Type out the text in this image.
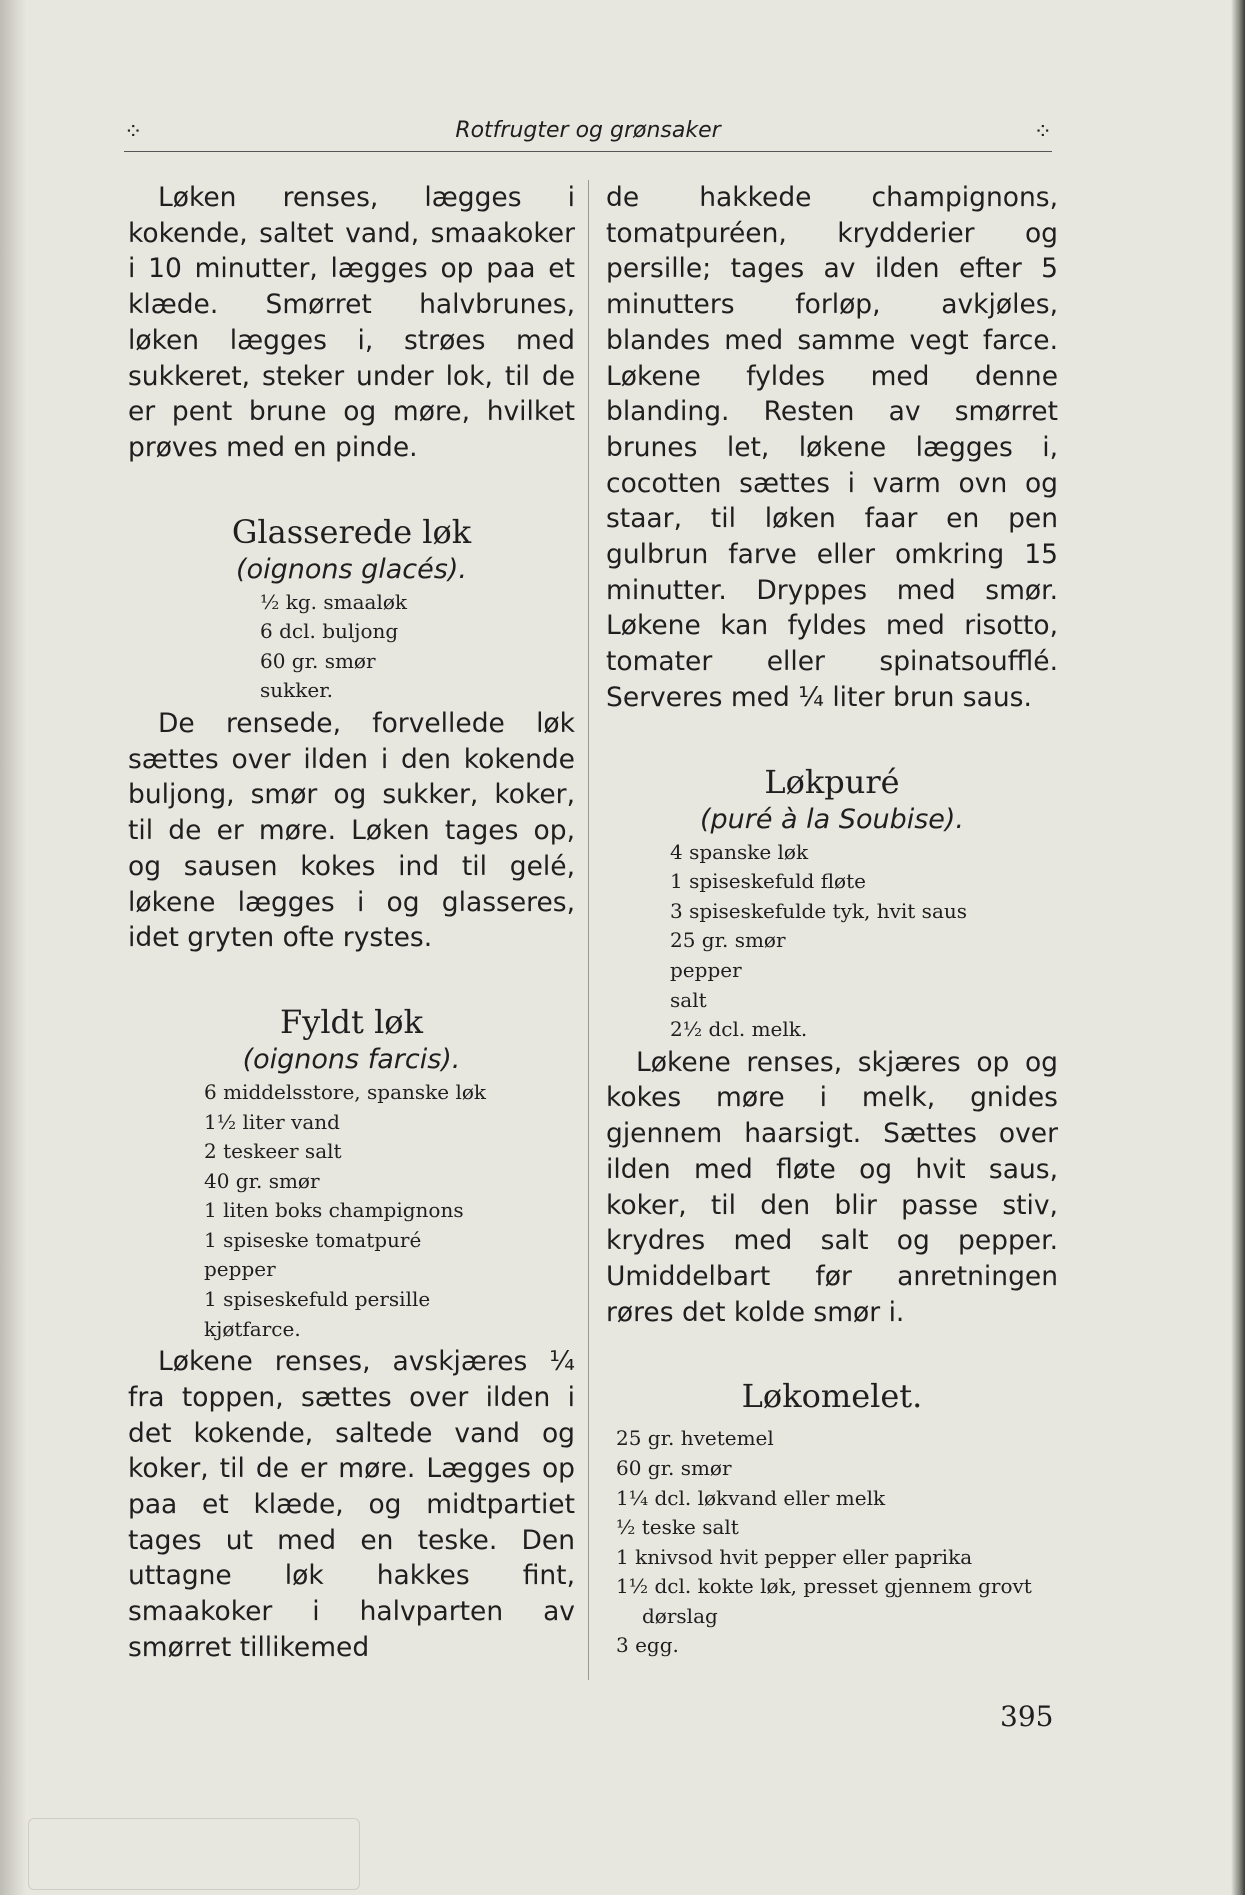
⁘	Rotfrugter og grønsaker	⁘

Løken renses, lægges i kokende, saltet vand, smaakoker i 10 minutter, lægges op paa et klæde. Smørret halvbrunes, løken lægges i, strøes med sukkeret, steker under lok, til de er pent brune og møre, hvilket prøves med en pinde.

Glasserede løk

(oignons glacés).

½ kg. smaaløk
6 dcl. buljong
60 gr. smør
sukker.

De rensede, forvellede løk sættes over ilden i den kokende buljong, smør og sukker, koker, til de er møre. Løken tages op, og sausen kokes ind til gelé, løkene lægges i og glasseres, idet gryten ofte rystes.

Fyldt løk

(oignons farcis).

6 middelsstore, spanske løk
1½ liter vand
2 teskeer salt
40 gr. smør
1 liten boks champignons
1 spiseske tomatpuré
pepper
1 spiseskefuld persille
kjøtfarce.

Løkene renses, avskjæres ¼ fra toppen, sættes over ilden i det kokende, saltede vand og koker, til de er møre. Lægges op paa et klæde, og midtpartiet tages ut med en teske. Den uttagne løk hakkes fint, smaakoker i halvparten av smørret tillikemed

de hakkede champignons, tomatpuréen, krydderier og persille; tages av ilden efter 5 minutters forløp, avkjøles, blandes med samme vegt farce. Løkene fyldes med denne blanding. Resten av smørret brunes let, løkene lægges i, cocotten sættes i varm ovn og staar, til løken faar en pen gulbrun farve eller omkring 15 minutter. Dryppes med smør. Løkene kan fyldes med risotto, tomater eller spinatsoufflé. Serveres med ¼ liter brun saus.

Løkpuré

(puré à la Soubise).

4 spanske løk
1 spiseskefuld fløte
3 spiseskefulde tyk, hvit saus
25 gr. smør
pepper
salt
2½ dcl. melk.

Løkene renses, skjæres op og kokes møre i melk, gnides gjennem haarsigt. Sættes over ilden med fløte og hvit saus, koker, til den blir passe stiv, krydres med salt og pepper. Umiddelbart før anretningen røres det kolde smør i.

Løkomelet.
25 gr. hvetemel
60 gr. smør
1¼ dcl. løkvand eller melk
½ teske salt
1 knivsod hvit pepper eller paprika
1½ dcl. kokte løk, presset gjennem grovt dørslag
3 egg.
395
